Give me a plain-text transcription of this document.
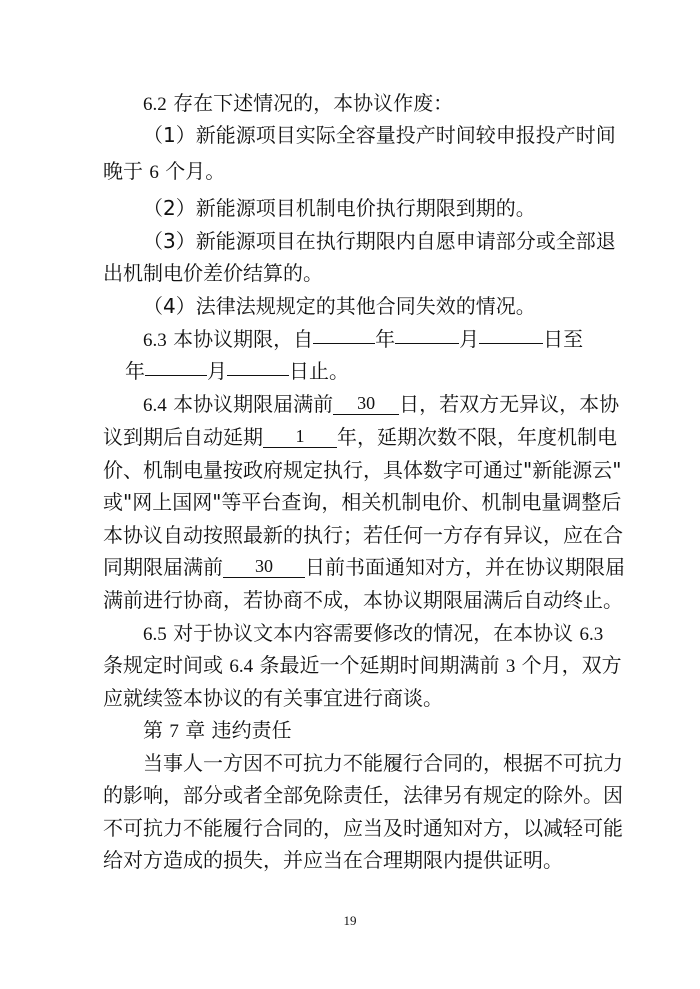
6.2 存在下述情况的，本协议作废：
（1）新能源项目实际全容量投产时间较申报投产时间
晚于 6 个月。
（2）新能源项目机制电价执行期限到期的。
（3）新能源项目在执行期限内自愿申请部分或全部退
出机制电价差价结算的。
（4）法律法规规定的其他合同失效的情况。
6.3 本协议期限，自	年	月	日至
年	月	日止。
6.4 本协议期限届满前 30 日，若双方无异议，本协
议到期后自动延期 1 年，延期次数不限，年度机制电
价、机制电量按政府规定执行，具体数字可通过"新能源云"
或"网上国网"等平台查询，相关机制电价、机制电量调整后
本协议自动按照最新的执行；若任何一方存有异议，应在合
同期限届满前 30 日前书面通知对方，并在协议期限届
满前进行协商，若协商不成，本协议期限届满后自动终止。
6.5 对于协议文本内容需要修改的情况，在本协议 6.3
条规定时间或 6.4 条最近一个延期时间期满前 3 个月，双方
应就续签本协议的有关事宜进行商谈。
第 7 章 违约责任
当事人一方因不可抗力不能履行合同的，根据不可抗力
的影响，部分或者全部免除责任，法律另有规定的除外。因
不可抗力不能履行合同的，应当及时通知对方，以减轻可能
给对方造成的损失，并应当在合理期限内提供证明。
19
